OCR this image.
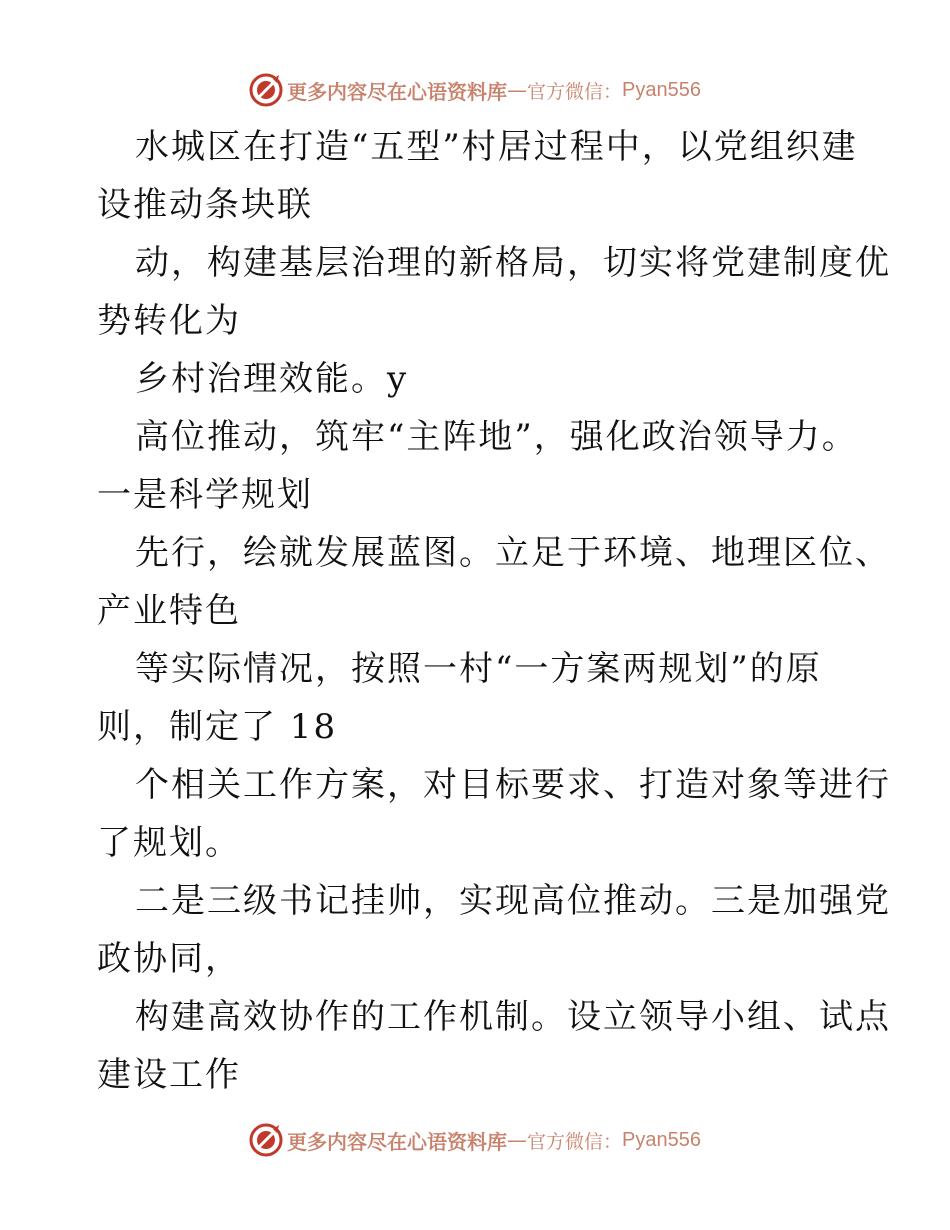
更多内容尽在心语资料库 — 官方微信： Pyan556
水城区在打造“五型”村居过程中，以党组织建
设推动条块联
动，构建基层治理的新格局，切实将党建制度优
势转化为
乡村治理效能。y
高位推动，筑牢“主阵地”，强化政治领导力。
一是科学规划
先行，绘就发展蓝图。立足于环境、地理区位、
产业特色
等实际情况，按照一村“一方案两规划”的原
则，制定了 18
个相关工作方案，对目标要求、打造对象等进行
了规划。
二是三级书记挂帅，实现高位推动。三是加强党
政协同，
构建高效协作的工作机制。设立领导小组、试点
建设工作
更多内容尽在心语资料库 — 官方微信： Pyan556
